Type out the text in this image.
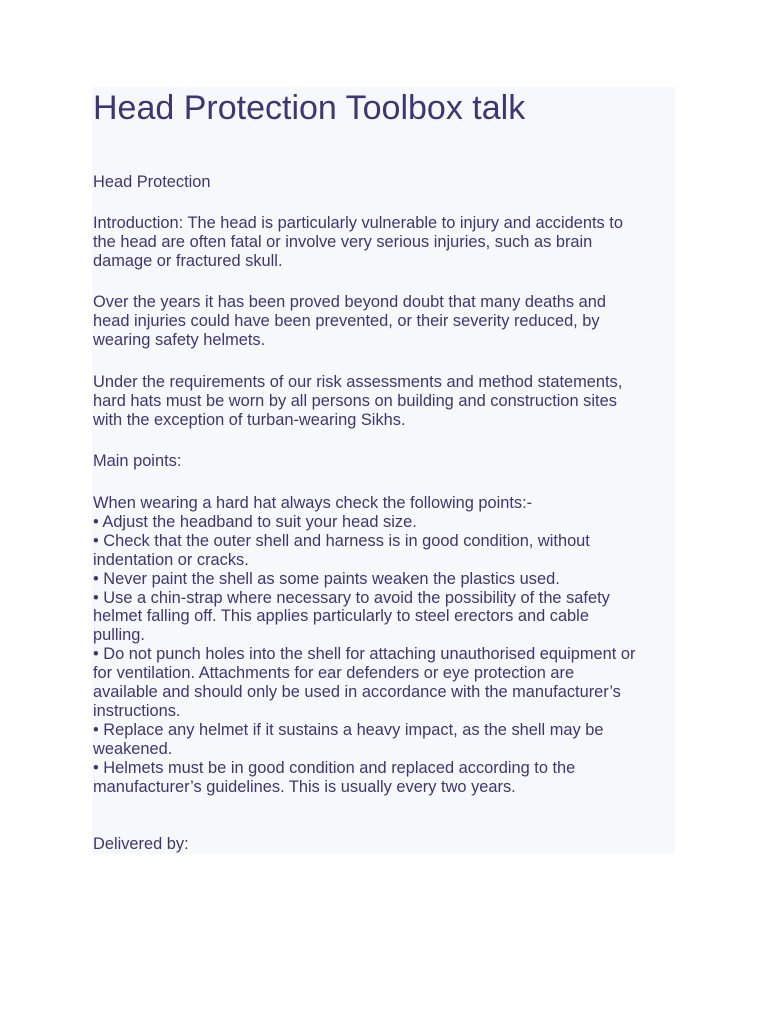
Head Protection Toolbox talk

Head Protection

Introduction: The head is particularly vulnerable to injury and accidents to
the head are often fatal or involve very serious injuries, such as brain
damage or fractured skull.

Over the years it has been proved beyond doubt that many deaths and
head injuries could have been prevented, or their severity reduced, by
wearing safety helmets.

Under the requirements of our risk assessments and method statements,
hard hats must be worn by all persons on building and construction sites
with the exception of turban-wearing Sikhs.

Main points:

When wearing a hard hat always check the following points:-
• Adjust the headband to suit your head size.
• Check that the outer shell and harness is in good condition, without
indentation or cracks.
• Never paint the shell as some paints weaken the plastics used.
• Use a chin-strap where necessary to avoid the possibility of the safety
helmet falling off. This applies particularly to steel erectors and cable
pulling.
• Do not punch holes into the shell for attaching unauthorised equipment or
for ventilation. Attachments for ear defenders or eye protection are
available and should only be used in accordance with the manufacturer’s
instructions.
• Replace any helmet if it sustains a heavy impact, as the shell may be
weakened.
• Helmets must be in good condition and replaced according to the
manufacturer’s guidelines. This is usually every two years.

Delivered by:
